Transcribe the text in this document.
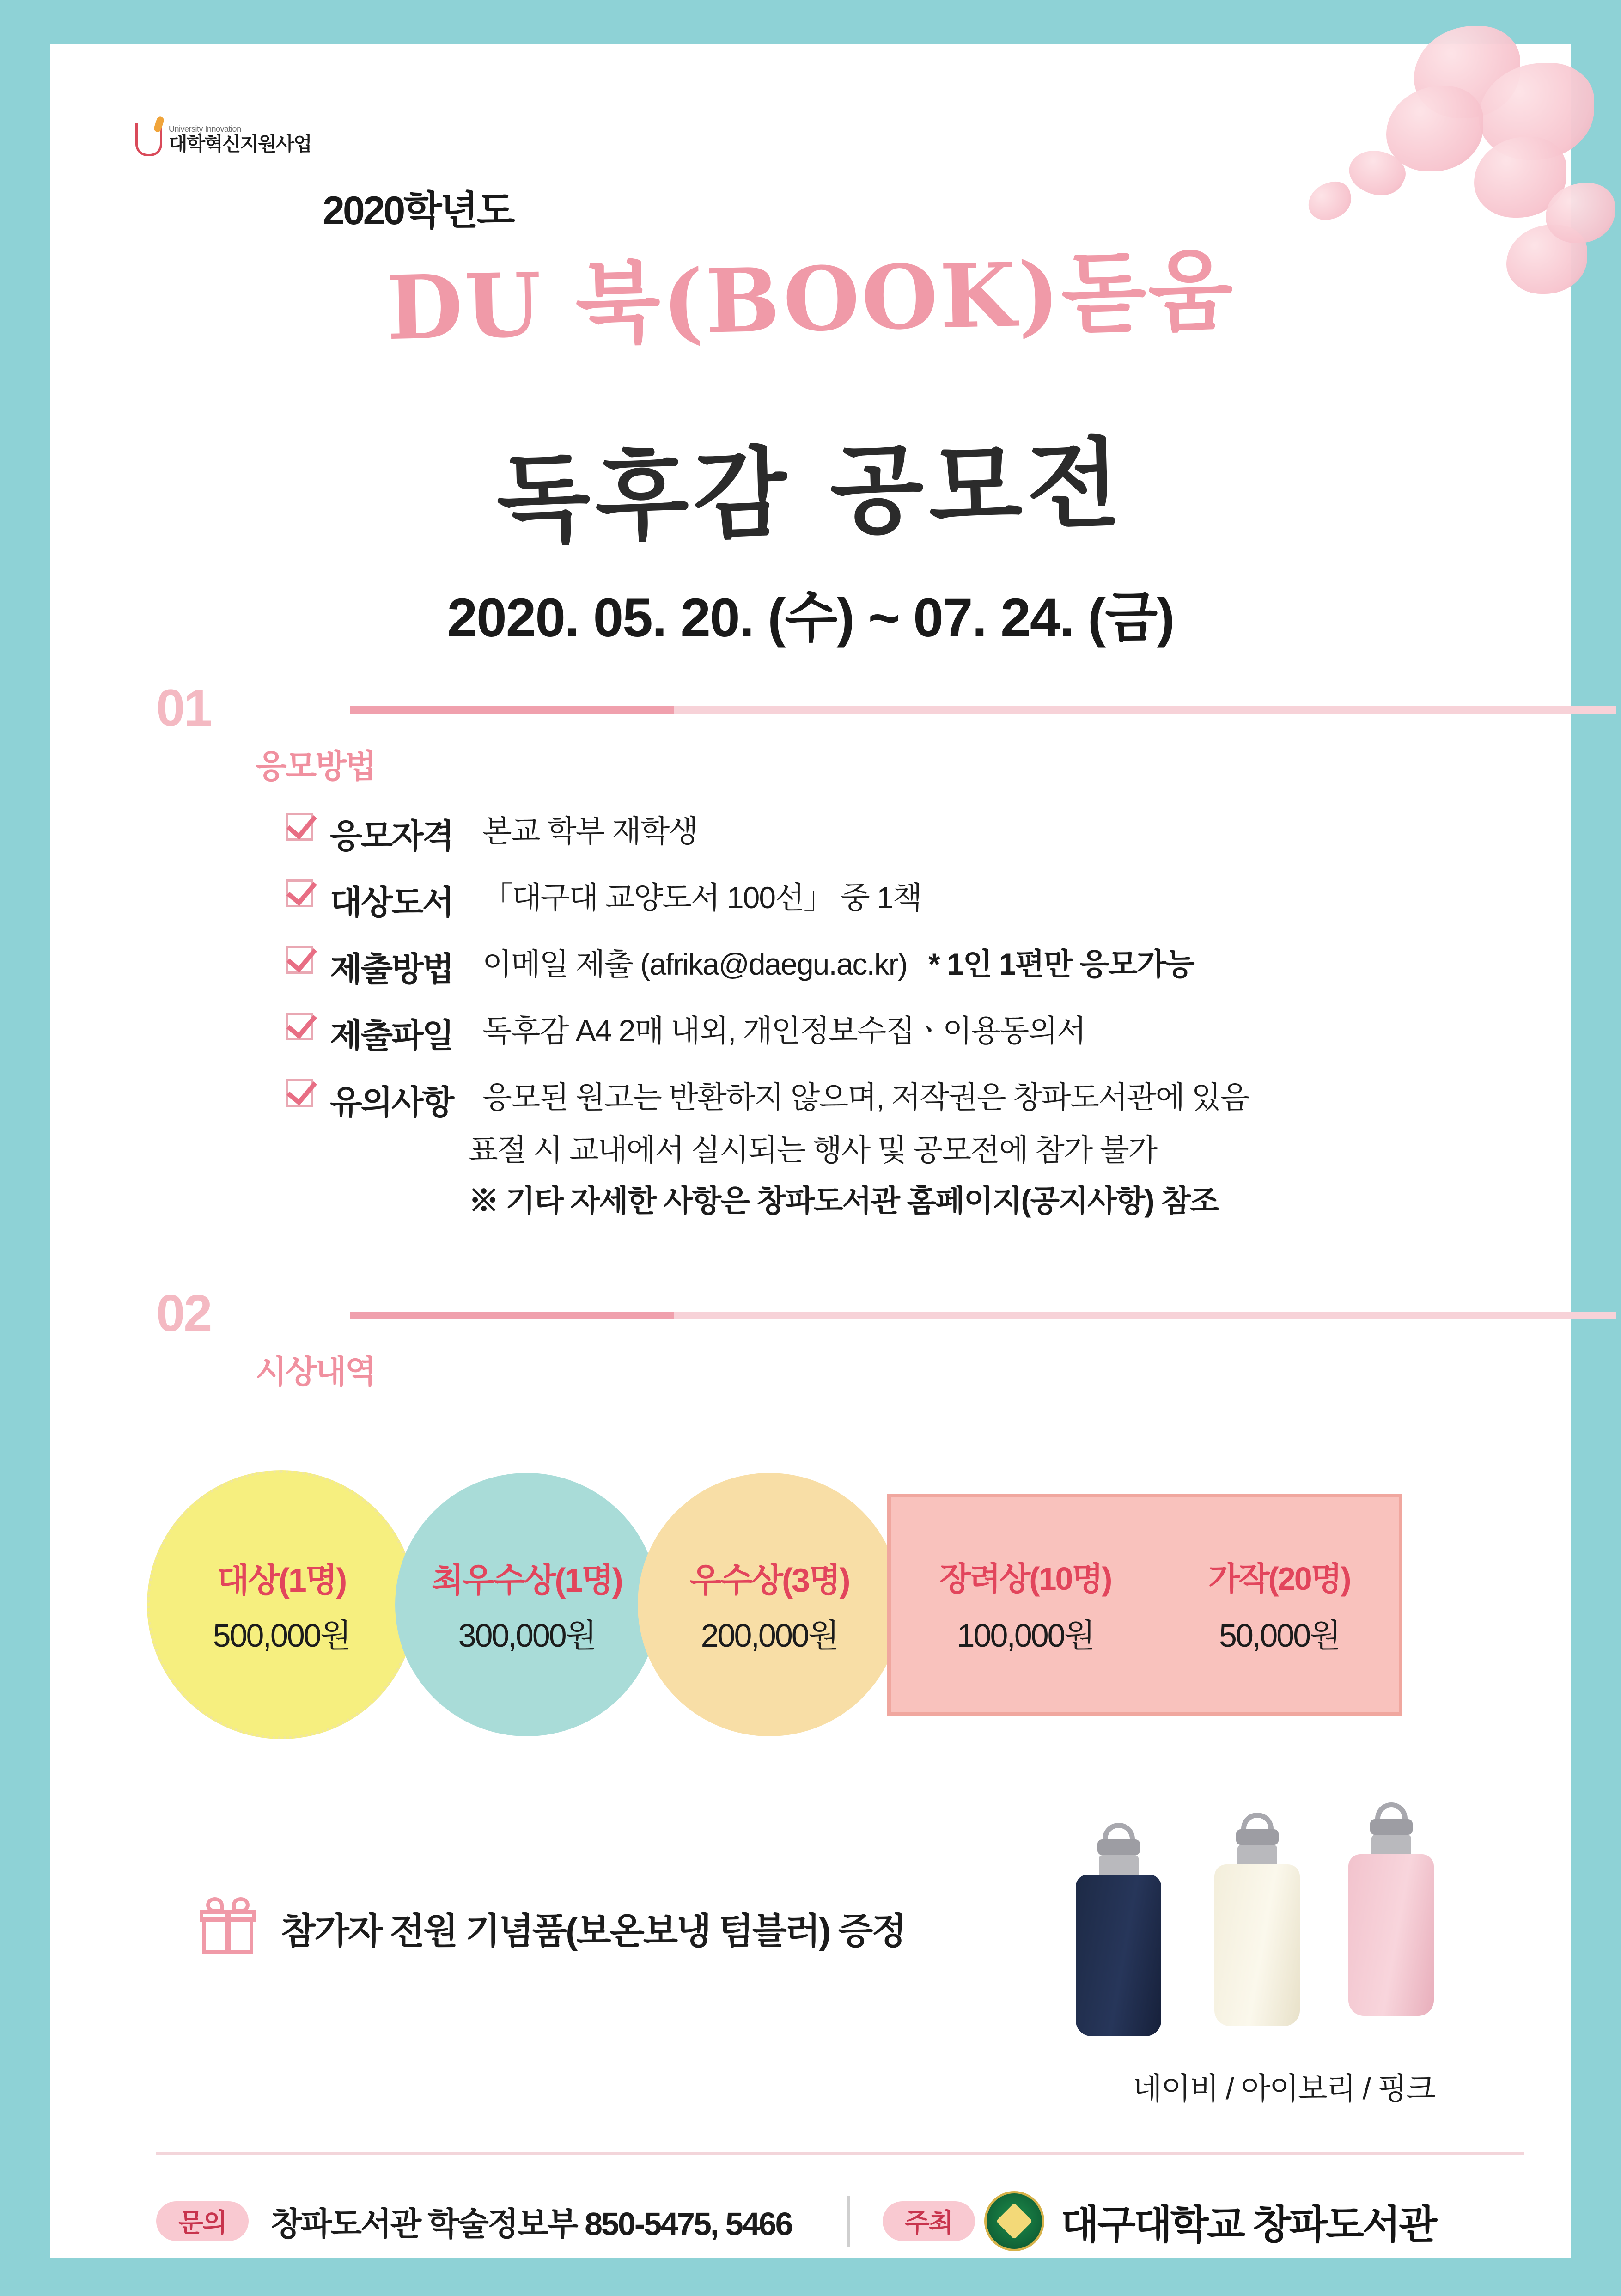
University Innovation
대학혁신지원사업
2020학년도
DU 북(BOOK)돋움
독후감 공모전
2020. 05. 20. (수) ~ 07. 24. (금)
01
응모방법
응모자격 본교 학부 재학생
대상도서 「대구대 교양도서 100선」 중 1책
제출방법 이메일 제출 (afrika@daegu.ac.kr) * 1인 1편만 응모가능
제출파일 독후감 A4 2매 내외, 개인정보수집ㆍ이용동의서
유의사항 응모된 원고는 반환하지 않으며, 저작권은 창파도서관에 있음
표절 시 교내에서 실시되는 행사 및 공모전에 참가 불가
※ 기타 자세한 사항은 창파도서관 홈페이지(공지사항) 참조
02
시상내역
대상(1명)
500,000원
최우수상(1명)
300,000원
우수상(3명)
200,000원
장려상(10명)
100,000원
가작(20명)
50,000원
참가자 전원 기념품(보온보냉 텀블러) 증정
네이비 / 아이보리 / 핑크
문의	창파도서관 학술정보부 850-5475, 5466	주최	대구대학교 창파도서관
